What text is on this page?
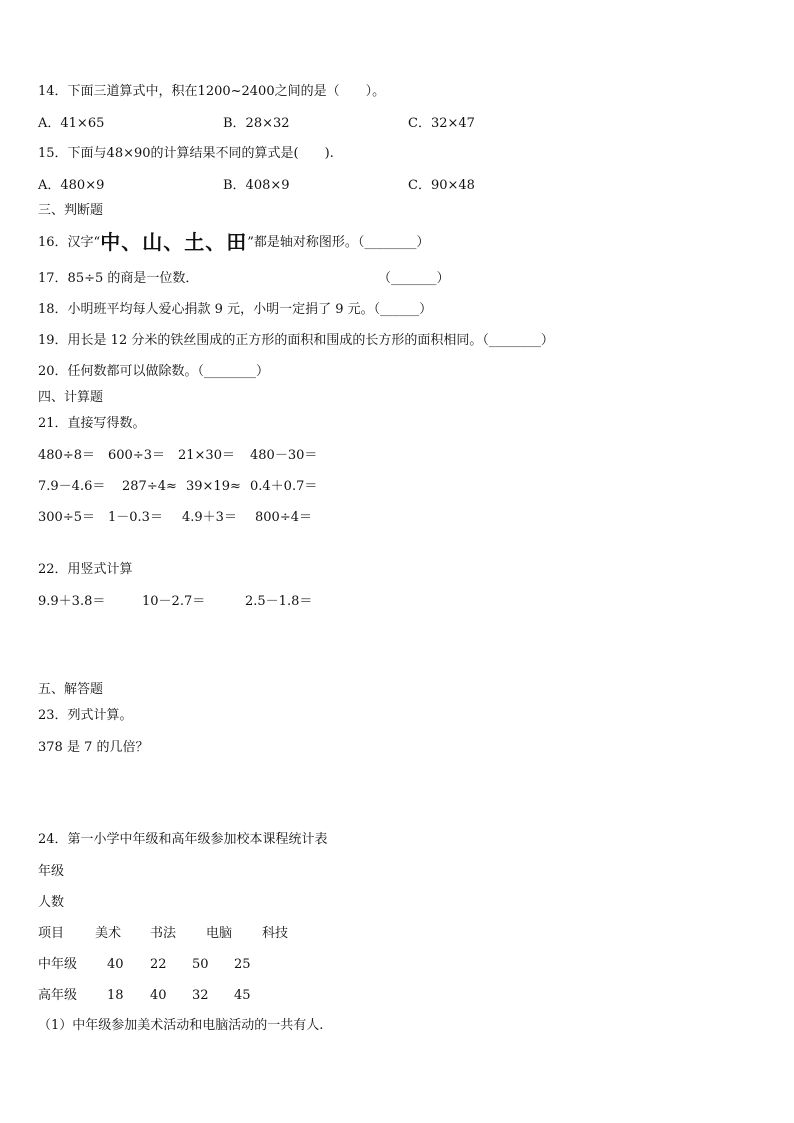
14．下面三道算式中，积在1200~2400之间的是（　　）。
A．41×65	B．28×32	C．32×47
15．下面与48×90的计算结果不同的算式是(　　).
A．480×9	B．408×9	C．90×48
三、判断题
16．汉字“中、山、土、田”都是轴对称图形。（________）
17．85÷5 的商是一位数．	（_______）
18．小明班平均每人爱心捐款 9 元，小明一定捐了 9 元。（______）
19．用长是 12 分米的铁丝围成的正方形的面积和围成的长方形的面积相同。（________）
20．任何数都可以做除数。（________）
四、计算题
21．直接写得数。
480÷8＝ 600÷3＝ 21×30＝ 480－30＝
7.9－4.6＝ 287÷4≈ 39×19≈ 0.4＋0.7＝
300÷5＝ 1－0.3＝ 4.9＋3＝ 800÷4＝
22．用竖式计算
9.9＋3.8＝	10－2.7＝	2.5－1.8＝
五、解答题
23．列式计算。
378 是 7 的几倍？
24．第一小学中年级和高年级参加校本课程统计表
年级
人数
项目 美术 书法 电脑 科技
中年级 40 22 50 25
高年级 18 40 32 45
（1）中年级参加美术活动和电脑活动的一共有人.
